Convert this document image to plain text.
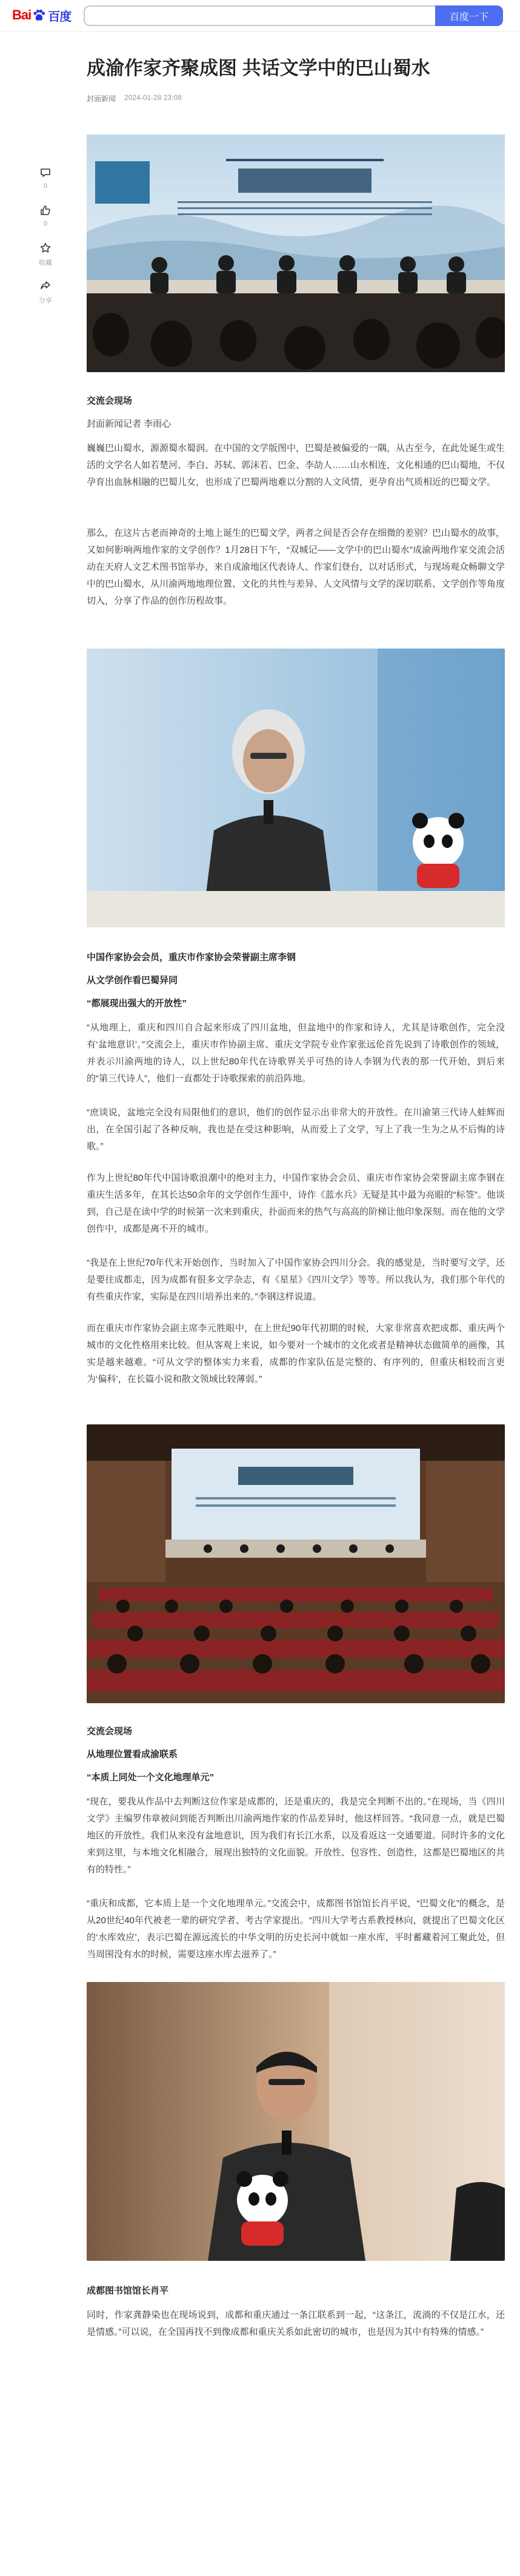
Bai 百度	百度一下
0
0
收藏
分享
成渝作家齐聚成图 共话文学中的巴山蜀水
封面新闻 2024-01-28 23:08
交流会现场
封面新闻记者 李雨心
巍巍巴山蜀水，源源蜀水蜀润。在中国的文学版图中，巴蜀是被偏爱的一隅，从古至今，在此处诞生或生活的文学名人如若楚河、李白、苏轼、郭沫若、巴金、李劼人……山水相连，文化相通的巴山蜀地，不仅孕育出血脉相融的巴蜀儿女，也形成了巴蜀两地难以分割的人文风情，更孕育出气质相近的巴蜀文学。
那么，在这片古老而神奇的土地上诞生的巴蜀文学，两者之间是否会存在细微的差别？巴山蜀水的故事，又如何影响两地作家的文学创作？1月28日下午，“双城记——文学中的巴山蜀水”成渝两地作家交流会活动在天府人文艺术图书馆举办，来自成渝地区代表诗人、作家们登台，以对话形式，与现场观众畅聊文学中的巴山蜀水，从川渝两地地理位置、文化的共性与差异、人文风情与文学的深切联系、文学创作等角度切入，分享了作品的创作历程故事。
中国作家协会会员，重庆市作家协会荣誉副主席李钢
从文学创作看巴蜀异同
“都展现出强大的开放性”
“从地理上，重庆和四川自合起来形成了四川盆地，但盆地中的作家和诗人，尤其是诗歌创作，完全没有‘盆地意识’。”交流会上，重庆市作协副主席、重庆文学院专业作家张远伦首先说到了诗歌创作的领域，并表示川渝两地的诗人，以上世纪80年代在诗歌界关乎可热的诗人李钢为代表的那一代开始，到后来的“第三代诗人”，他们一直都处于诗歌探索的前沿阵地。
“庶谈说，盆地完全没有局限他们的意识，他们的创作显示出非常大的开放性。在川渝第三代诗人蛙辉而出，在全国引起了各种反响，我也是在受这种影响，从而爱上了文学，写上了我一生为之从不后悔的诗歌。”
作为上世纪80年代中国诗歌浪潮中的绝对主力，中国作家协会会员、重庆市作家协会荣誉副主席李钢在重庆生活多年，在其长达50余年的文学创作生涯中，诗作《蓝水兵》无疑是其中最为亮眼的“标签”。他谈到，自己是在读中学的时候第一次来到重庆，扑面而来的热气与高高的阶梯让他印象深刻。而在他的文学创作中，成都是离不开的城市。
“我是在上世纪70年代末开始创作，当时加入了中国作家协会四川分会。我的感觉是，当时要写文学，还是要往成都走，因为成都有很多文学杂志，有《星星》《四川文学》等等。所以我认为，我们那个年代的有些重庆作家，实际是在四川培养出来的。”李钢这样说道。
而在重庆市作家协会副主席李元胜眼中，在上世纪90年代初期的时候，大家非常喜欢把成都、重庆两个城市的文化性格用来比较。但从客观上来说，如今要对一个城市的文化或者是精神状态做简单的画像，其实是越来越难。“可从文学的整体实力来看，成都的作家队伍是完整的、有序列的，但重庆相较而言更为‘偏科’，在长篇小说和散文领域比较薄弱。”
交流会现场
从地理位置看成渝联系
“本质上同处一个文化地理单元”
“现在，要我从作品中去判断这位作家是成都的，还是重庆的，我是完全判断不出的。”在现场，当《四川文学》主编罗伟章被问到能否判断出川渝两地作家的作品差异时，他这样回答。“我同意一点，就是巴蜀地区的开放性。我们从来没有盆地意识，因为我们有长江水系，以及看返这一交通要道。同时许多的文化来到这里，与本地文化相融合，展现出独特的文化面貌。开放性、包容性、创造性，这都是巴蜀地区的共有的特性。”
“重庆和成都，它本质上是一个文化地理单元。”交流会中，成都图书馆馆长肖平说，“巴蜀文化”的概念，是从20世纪40年代被老一辈的研究学者、考古学家提出。“四川大学考古系教授林向，就提出了巴蜀文化区的‘水库效应’，表示巴蜀在源远流长的中华文明的历史长河中就如一座水库，平时蓄藏着河工聚此处，但当周围没有水的时候，需要这座水库去滋养了。”
成都图书馆馆长肖平
同时，作家龚静染也在现场说到，成都和重庆通过一条江联系到一起，“这条江，流淌的不仅是江水，还是情感。”可以说，在全国再找不到像成都和重庆关系如此密切的城市，也是因为其中有特殊的情感。”
